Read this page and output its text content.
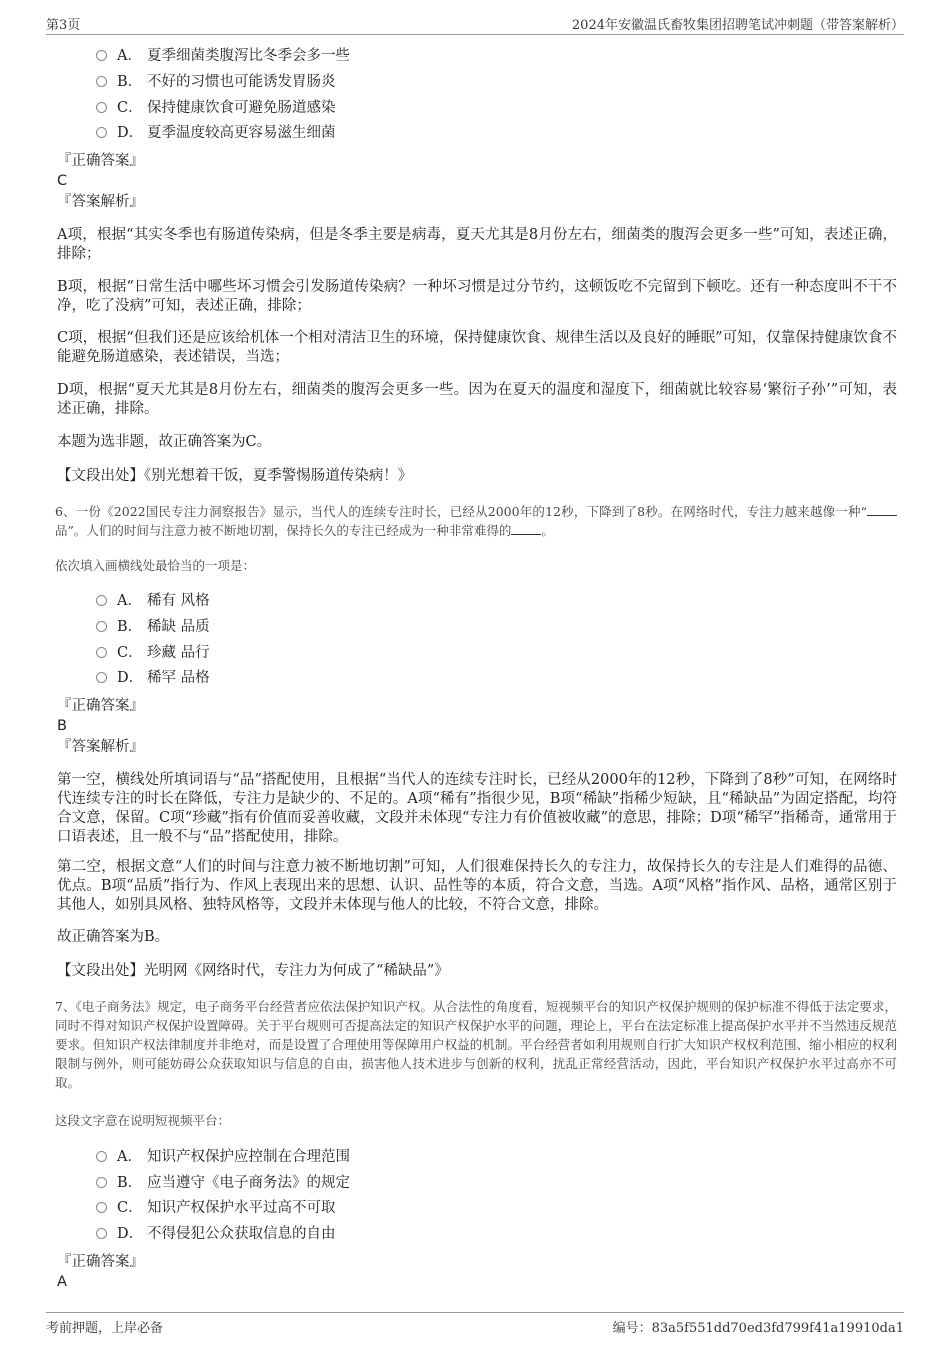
第3页	2024年安徽温氏畜牧集团招聘笔试冲刺题（带答案解析）
A． 夏季细菌类腹泻比冬季会多一些
B． 不好的习惯也可能诱发胃肠炎
C． 保持健康饮食可避免肠道感染
D． 夏季温度较高更容易滋生细菌
『正确答案』
C
『答案解析』
A项，根据“其实冬季也有肠道传染病，但是冬季主要是病毒，夏天尤其是8月份左右，细菌类的腹泻会更多一些”可知，表述正确，排除；
B项，根据“日常生活中哪些坏习惯会引发肠道传染病？一种坏习惯是过分节约，这顿饭吃不完留到下顿吃。还有一种态度叫不干不净，吃了没病”可知，表述正确，排除；
C项，根据“但我们还是应该给机体一个相对清洁卫生的环境，保持健康饮食、规律生活以及良好的睡眠”可知，仅靠保持健康饮食不能避免肠道感染，表述错误，当选；
D项，根据“夏天尤其是8月份左右，细菌类的腹泻会更多一些。因为在夏天的温度和湿度下，细菌就比较容易‘繁衍子孙’”可知，表述正确，排除。
本题为选非题，故正确答案为C。
【文段出处】《别光想着干饭，夏季警惕肠道传染病！》
6、一份《2022国民专注力洞察报告》显示，当代人的连续专注时长，已经从2000年的12秒，下降到了8秒。在网络时代，专注力越来越像一种“品”。人们的时间与注意力被不断地切割，保持长久的专注已经成为一种非常难得的 。
依次填入画横线处最恰当的一项是：
A． 稀有 风格
B． 稀缺 品质
C． 珍藏 品行
D． 稀罕 品格
『正确答案』
B
『答案解析』
第一空，横线处所填词语与“品”搭配使用，且根据“当代人的连续专注时长，已经从2000年的12秒，下降到了8秒”可知，在网络时代连续专注的时长在降低，专注力是缺少的、不足的。A项“稀有”指很少见，B项“稀缺”指稀少短缺，且“稀缺品”为固定搭配，均符合文意，保留。C项“珍藏”指有价值而妥善收藏，文段并未体现“专注力有价值被收藏”的意思，排除；D项“稀罕”指稀奇，通常用于口语表述，且一般不与“品”搭配使用，排除。
第二空，根据文意“人们的时间与注意力被不断地切割”可知，人们很难保持长久的专注力，故保持长久的专注是人们难得的品德、优点。B项“品质”指行为、作风上表现出来的思想、认识、品性等的本质，符合文意，当选。A项“风格”指作风、品格，通常区别于其他人，如别具风格、独特风格等，文段并未体现与他人的比较，不符合文意，排除。
故正确答案为B。
【文段出处】光明网《网络时代，专注力为何成了“稀缺品”》
7、《电子商务法》规定，电子商务平台经营者应依法保护知识产权。从合法性的角度看，短视频平台的知识产权保护规则的保护标准不得低于法定要求，同时不得对知识产权保护设置障碍。关于平台规则可否提高法定的知识产权保护水平的问题，理论上，平台在法定标准上提高保护水平并不当然违反规范要求。但知识产权法律制度并非绝对，而是设置了合理使用等保障用户权益的机制。平台经营者如利用规则自行扩大知识产权权利范围、缩小相应的权利限制与例外，则可能妨碍公众获取知识与信息的自由，损害他人技术进步与创新的权利，扰乱正常经营活动，因此，平台知识产权保护水平过高亦不可取。
这段文字意在说明短视频平台：
A． 知识产权保护应控制在合理范围
B． 应当遵守《电子商务法》的规定
C． 知识产权保护水平过高不可取
D． 不得侵犯公众获取信息的自由
『正确答案』
A
考前押题，上岸必备	编号：83a5f551dd70ed3fd799f41a19910da1
